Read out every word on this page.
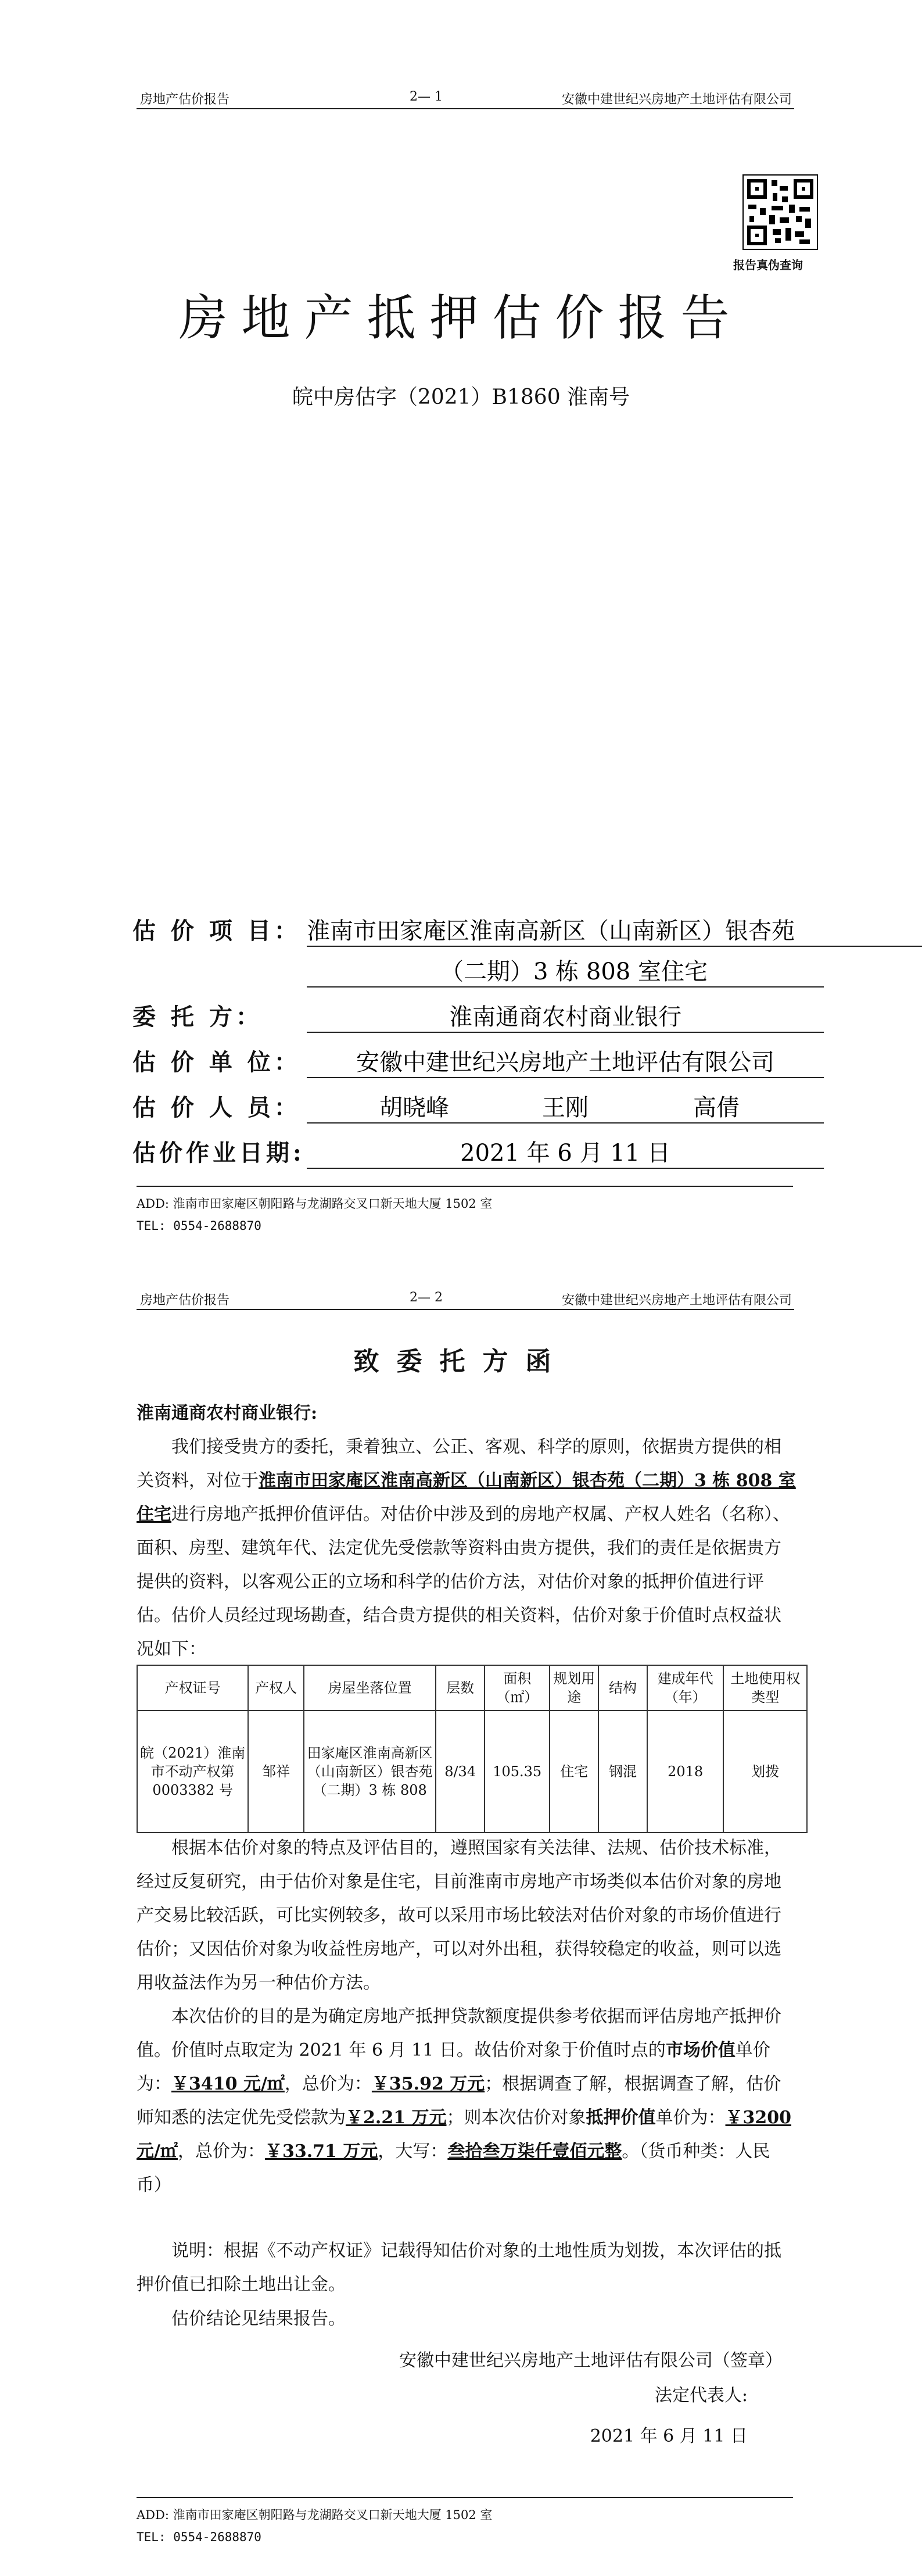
房地产估价报告	2— 1	安徽中建世纪兴房地产土地评估有限公司
报告真伪查询
房地产抵押估价报告
皖中房估字（2021）B1860 淮南号
估 价 项 目： 淮南市田家庵区淮南高新区（山南新区）银杏苑
（二期）3 栋 808 室住宅
委 托 方：	淮南通商农村商业银行
估 价 单 位：	安徽中建世纪兴房地产土地评估有限公司
估 价 人 员：	胡晓峰	王刚	高倩
估价作业日期:	2021 年 6 月 11 日
ADD: 淮南市田家庵区朝阳路与龙湖路交叉口新天地大厦 1502 室
TEL: 0554-2688870
房地产估价报告	2— 2	安徽中建世纪兴房地产土地评估有限公司
致委托方函
淮南通商农村商业银行:
我们接受贵方的委托，秉着独立、公正、客观、科学的原则，依据贵方提供的相关资料，对位于淮南市田家庵区淮南高新区（山南新区）银杏苑（二期）3 栋 808 室住宅进行房地产抵押价值评估。对估价中涉及到的房地产权属、产权人姓名（名称）、面积、房型、建筑年代、法定优先受偿款等资料由贵方提供，我们的责任是依据贵方提供的资料，以客观公正的立场和科学的估价方法，对估价对象的抵押价值进行评估。 估价人员经过现场勘查，结合贵方提供的相关资料，估价对象于价值时点权益状况如下：
产权证号	产权人	房屋坐落位置	层数	面积（㎡）	规划用途	结构	建成年代（年）	土地使用权类型
皖（2021）淮南市不动产权第 0003382 号	邹祥	田家庵区淮南高新区（山南新区）银杏苑（二期）3 栋 808	8/34	105.35	住宅	钢混	2018	划拨
根据本估价对象的特点及评估目的，遵照国家有关法律、法规、估价技术标准，经过反复研究，由于估价对象是住宅，目前淮南市房地产市场类似本估价对象的房地产交易比较活跃，可比实例较多，故可以采用市场比较法对估价对象的市场价值进行估价；又因估价对象为收益性房地产，可以对外出租，获得较稳定的收益，则可以选用收益法作为另一种估价方法。
本次估价的目的是为确定房地产抵押贷款额度提供参考依据而评估房地产抵押价值。价值时点取定为 2021 年 6 月 11 日。故估价对象于价值时点的市场价值单价为：￥3410 元/㎡，总价为：￥35.92 万元；根据调查了解，根据调查了解，估价师知悉的法定优先受偿款为￥2.21 万元；则本次估价对象抵押价值单价为：￥3200 元/㎡，总价为：￥33.71 万元，大写：叁拾叁万柒仟壹佰元整。（货币种类：人民币）
说明：根据《不动产权证》记载得知估价对象的土地性质为划拨，本次评估的抵押价值已扣除土地出让金。
估价结论见结果报告。
安徽中建世纪兴房地产土地评估有限公司（签章）
法定代表人:
2021 年 6 月 11 日
ADD: 淮南市田家庵区朝阳路与龙湖路交叉口新天地大厦 1502 室
TEL: 0554-2688870
